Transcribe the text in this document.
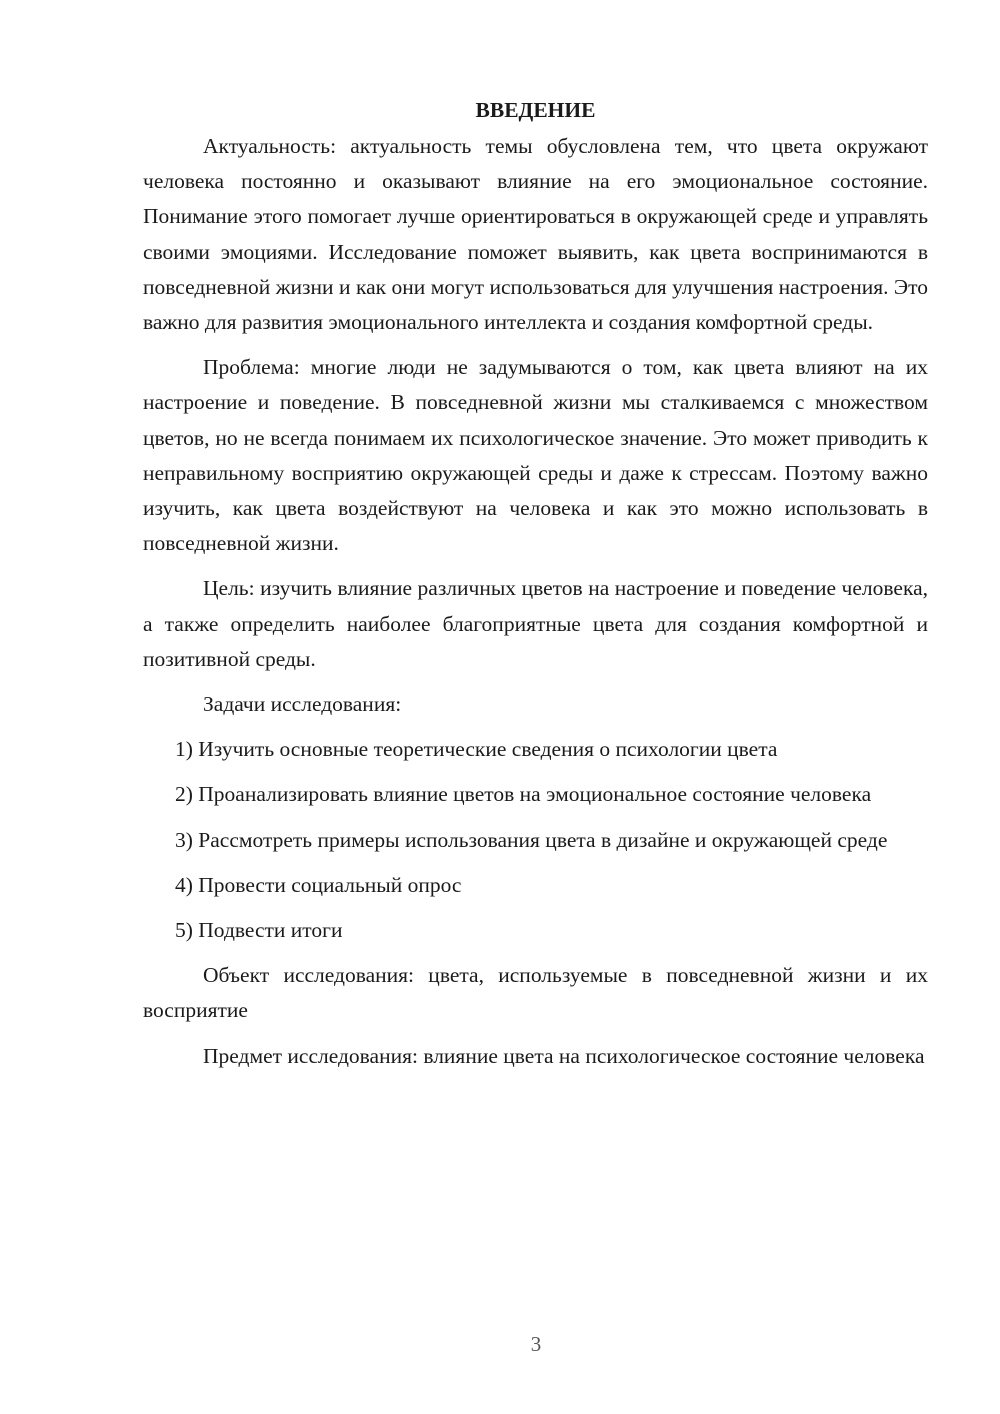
ВВЕДЕНИЕ

Актуальность: актуальность темы обусловлена тем, что цвета окружают человека постоянно и оказывают влияние на его эмоциональное состояние. Понимание этого помогает лучше ориентироваться в окружающей среде и управлять своими эмоциями. Исследование поможет выявить, как цвета воспринимаются в повседневной жизни и как они могут использоваться для улучшения настроения. Это важно для развития эмоционального интеллекта и создания комфортной среды.

Проблема: многие люди не задумываются о том, как цвета влияют на их настроение и поведение. В повседневной жизни мы сталкиваемся с множеством цветов, но не всегда понимаем их психологическое значение. Это может приводить к неправильному восприятию окружающей среды и даже к стрессам. Поэтому важно изучить, как цвета воздействуют на человека и как это можно использовать в повседневной жизни.

Цель: изучить влияние различных цветов на настроение и поведение человека, а также определить наиболее благоприятные цвета для создания комфортной и позитивной среды.

Задачи исследования:

1) Изучить основные теоретические сведения о психологии цвета

2) Проанализировать влияние цветов на эмоциональное состояние человека

3) Рассмотреть примеры использования цвета в дизайне и окружающей среде

4) Провести социальный опрос

5) Подвести итоги

Объект исследования: цвета, используемые в повседневной жизни и их восприятие

Предмет исследования: влияние цвета на психологическое состояние человека

3
